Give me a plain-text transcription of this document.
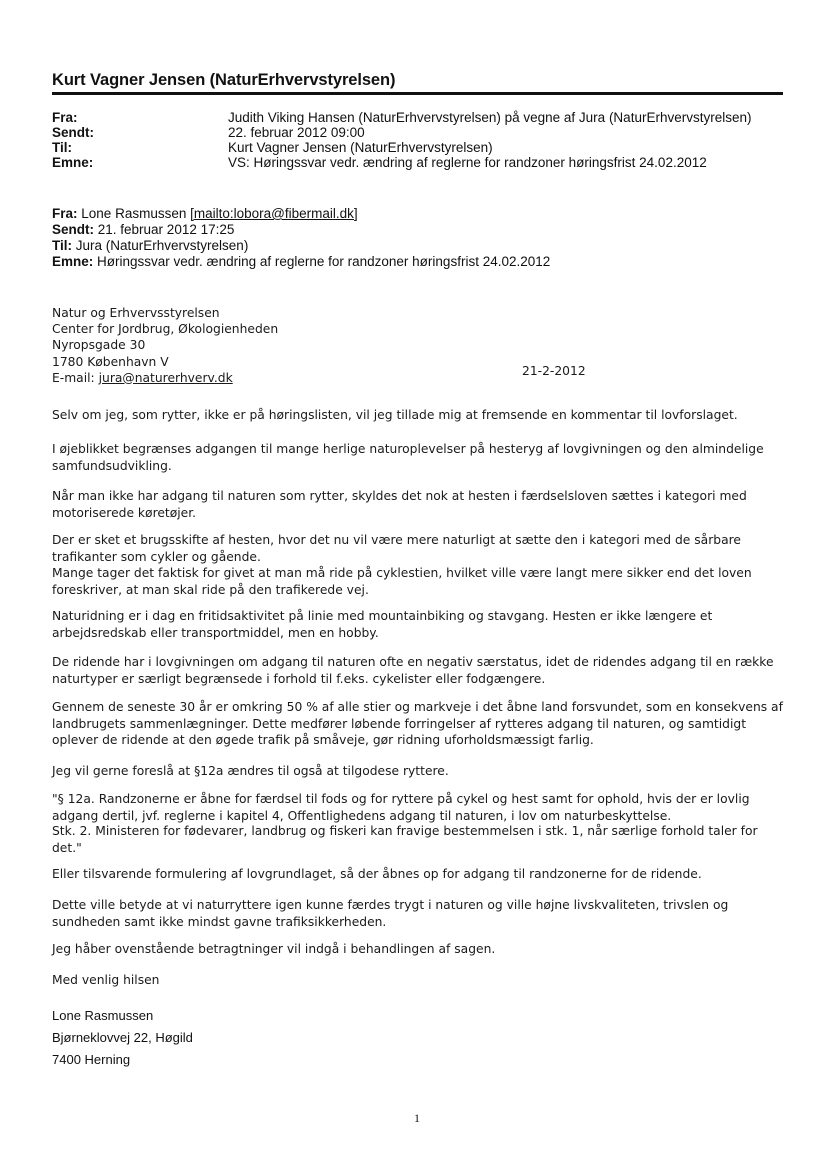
Kurt Vagner Jensen (NaturErhvervstyrelsen)
Fra:	Judith Viking Hansen (NaturErhvervstyrelsen) på vegne af Jura (NaturErhvervstyrelsen)
Sendt:	22. februar 2012 09:00
Til:	Kurt Vagner Jensen (NaturErhvervstyrelsen)
Emne:	VS: Høringssvar vedr. ændring af reglerne for randzoner høringsfrist 24.02.2012
Fra: Lone Rasmussen [mailto:lobora@fibermail.dk]
Sendt: 21. februar 2012 17:25
Til: Jura (NaturErhvervstyrelsen)
Emne: Høringssvar vedr. ændring af reglerne for randzoner høringsfrist 24.02.2012
Natur og Erhvervsstyrelsen
Center for Jordbrug, Økologienheden
Nyropsgade 30
1780 København V
E-mail: jura@naturerhverv.dk	21-2-2012
Selv om jeg, som rytter, ikke er på høringslisten, vil jeg tillade mig at fremsende en kommentar til lovforslaget.
I øjeblikket begrænses adgangen til mange herlige naturoplevelser på hesteryg af lovgivningen og den almindelige samfundsudvikling.
Når man ikke har adgang til naturen som rytter, skyldes det nok at hesten i færdselsloven sættes i kategori med motoriserede køretøjer.
Der er sket et brugsskifte af hesten, hvor det nu vil være mere naturligt at sætte den i kategori med de sårbare trafikanter som cykler og gående.
Mange tager det faktisk for givet at man må ride på cyklestien, hvilket ville være langt mere sikker end det loven foreskriver, at man skal ride på den trafikerede vej.
Naturidning er i dag en fritidsaktivitet på linie med mountainbiking og stavgang. Hesten er ikke længere et arbejdsredskab eller transportmiddel, men en hobby.
De ridende har i lovgivningen om adgang til naturen ofte en negativ særstatus, idet de ridendes adgang til en række naturtyper er særligt begrænsede i forhold til f.eks. cykelister eller fodgængere.
Gennem de seneste 30 år er omkring 50 % af alle stier og markveje i det åbne land forsvundet, som en konsekvens af landbrugets sammenlægninger. Dette medfører løbende forringelser af rytteres adgang til naturen, og samtidigt oplever de ridende at den øgede trafik på småveje, gør ridning uforholdsmæssigt farlig.
Jeg vil gerne foreslå at §12a ændres til også at tilgodese ryttere.
"§ 12a. Randzonerne er åbne for færdsel til fods og for ryttere på cykel og hest samt for ophold, hvis der er lovlig adgang dertil, jvf. reglerne i kapitel 4, Offentlighedens adgang til naturen, i lov om naturbeskyttelse.
Stk. 2. Ministeren for fødevarer, landbrug og fiskeri kan fravige bestemmelsen i stk. 1, når særlige forhold taler for det."
Eller tilsvarende formulering af lovgrundlaget, så der åbnes op for adgang til randzonerne for de ridende.
Dette ville betyde at vi naturryttere igen kunne færdes trygt i naturen og ville højne livskvaliteten, trivslen og sundheden samt ikke mindst gavne trafiksikkerheden.
Jeg håber ovenstående betragtninger vil indgå i behandlingen af sagen.
Med venlig hilsen
Lone Rasmussen
Bjørneklovvej 22, Høgild
7400 Herning
1
